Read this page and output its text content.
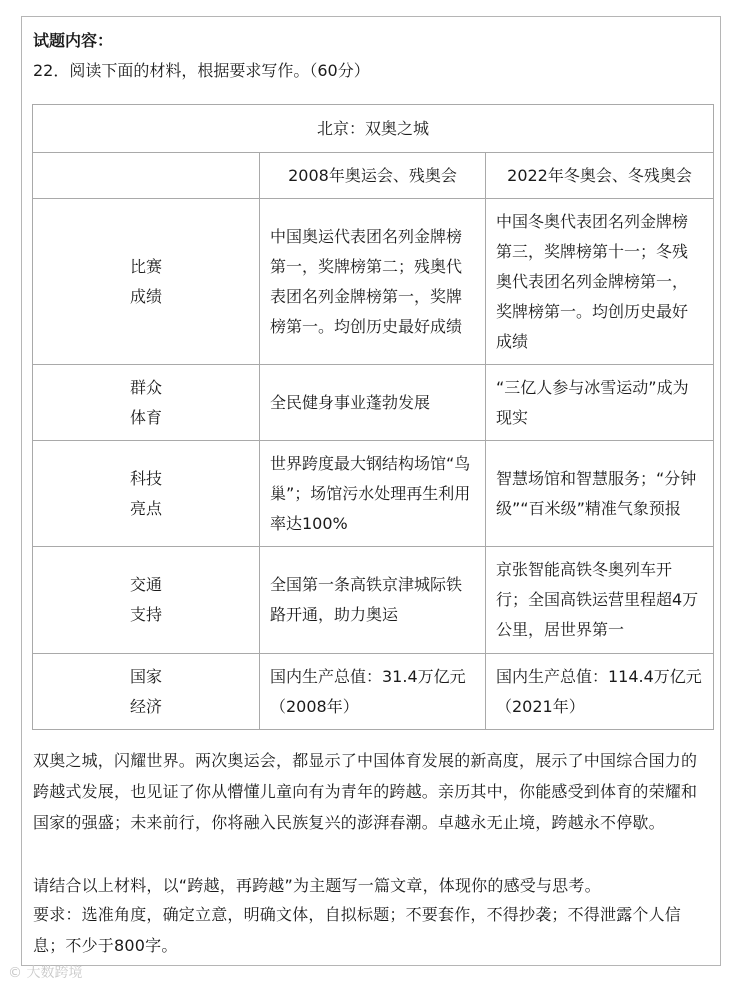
试题内容：
22．阅读下面的材料，根据要求写作。（60分）
北京：双奥之城		
	2008年奥运会、残奥会	2022年冬奥会、冬残奥会

比赛
成绩	中国奥运代表团名列金牌榜第一，奖牌榜第二；残奥代表团名列金牌榜第一，奖牌榜第一。均创历史最好成绩	中国冬奥代表团名列金牌榜第三，奖牌榜第十一；冬残奥代表团名列金牌榜第一，奖牌榜第一。均创历史最好成绩

群众
体育	全民健身事业蓬勃发展	“三亿人参与冰雪运动”成为现实

科技
亮点	世界跨度最大钢结构场馆“鸟巢”；场馆污水处理再生利用率达100%	智慧场馆和智慧服务；“分钟级”“百米级”精准气象预报

交通
支持	全国第一条高铁京津城际铁路开通，助力奥运	京张智能高铁冬奥列车开行；全国高铁运营里程超4万公里，居世界第一

国家
经济	国内生产总值：31.4万亿元（2008年）	国内生产总值：114.4万亿元（2021年）
双奥之城，闪耀世界。两次奥运会，都显示了中国体育发展的新高度，展示了中国综合国力的跨越式发展，也见证了你从懵懂儿童向有为青年的跨越。亲历其中，你能感受到体育的荣耀和国家的强盛；未来前行，你将融入民族复兴的澎湃春潮。卓越永无止境，跨越永不停歇。
请结合以上材料，以“跨越，再跨越”为主题写一篇文章，体现你的感受与思考。
要求：选准角度，确定立意，明确文体，自拟标题；不要套作，不得抄袭；不得泄露个人信息；不少于800字。
© 大数跨境
